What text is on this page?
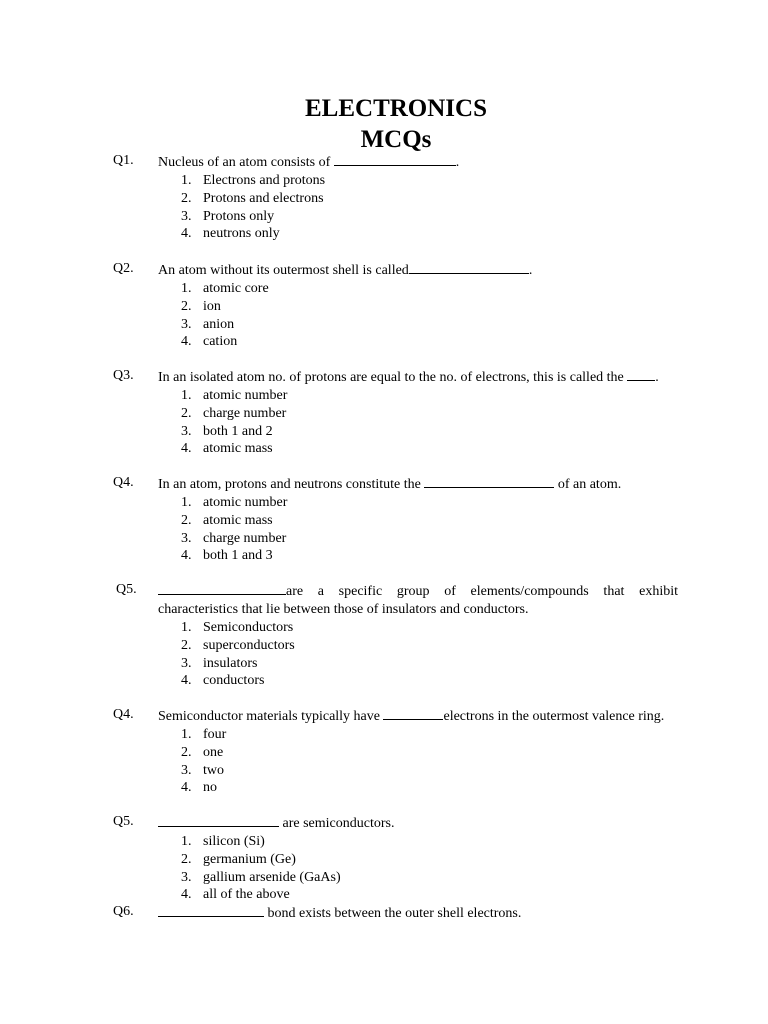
ELECTRONICS
MCQs
Q1. Nucleus of an atom consists of	.
1. Electrons and protons
2. Protons and electrons
3. Protons only
4. neutrons only
Q2. An atom without its outermost shell is called	.
1. atomic core
2. ion
3. anion
4. cation
Q3. In an isolated atom no. of protons are equal to the no. of electrons, this is called the .
1. atomic number
2. charge number
3. both 1 and 2
4. atomic mass
Q4. In an atom, protons and neutrons constitute the	of an atom.
1. atomic number
2. atomic mass
3. charge number
4. both 1 and 3
Q5.	are a specific group of elements/compounds that exhibit characteristics that lie between those of insulators and conductors.
1. Semiconductors
2. superconductors
3. insulators
4. conductors
Q4. Semiconductor materials typically have	electrons in the outermost valence ring.
1. four
2. one
3. two
4. no
Q5.	are semiconductors.
1. silicon (Si)
2. germanium (Ge)
3. gallium arsenide (GaAs)
4. all of the above
Q6.	bond exists between the outer shell electrons.
